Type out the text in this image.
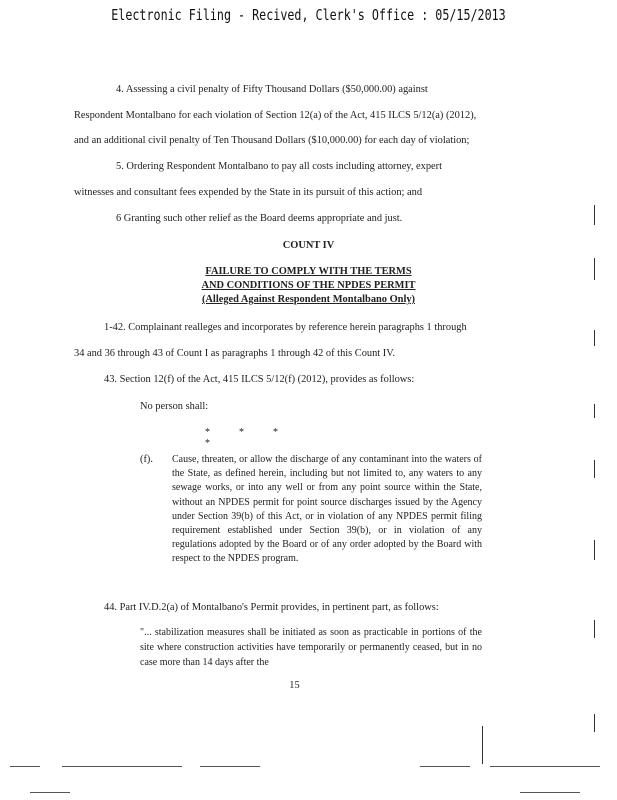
Electronic Filing - Recived, Clerk's Office : 05/15/2013
4. Assessing a civil penalty of Fifty Thousand Dollars ($50,000.00) against
Respondent Montalbano for each violation of Section 12(a) of the Act, 415 ILCS 5/12(a) (2012),
and an additional civil penalty of Ten Thousand Dollars ($10,000.00) for each day of violation;
5. Ordering Respondent Montalbano to pay all costs including attorney, expert
witnesses and consultant fees expended by the State in its pursuit of this action; and
6 Granting such other relief as the Board deems appropriate and just.
COUNT IV
FAILURE TO COMPLY WITH THE TERMS
AND CONDITIONS OF THE NPDES PERMIT
(Alleged Against Respondent Montalbano Only)
1-42. Complainant realleges and incorporates by reference herein paragraphs 1 through
34 and 36 through 43 of Count I as paragraphs 1 through 42 of this Count IV.
43. Section 12(f) of the Act, 415 ILCS 5/12(f) (2012), provides as follows:
No person shall:
*	*	**
(f). Cause, threaten, or allow the discharge of any contaminant into the waters of the State, as defined herein, including but not limited to, any waters to any sewage works, or into any well or from any point source within the State, without an NPDES permit for point source discharges issued by the Agency under Section 39(b) of this Act, or in violation of any NPDES permit filing requirement established under Section 39(b), or in violation of any regulations adopted by the Board or of any order adopted by the Board with respect to the NPDES program.
44. Part IV.D.2(a) of Montalbano's Permit provides, in pertinent part, as follows:
"... stabilization measures shall be initiated as soon as practicable in portions of the site where construction activities have temporarily or permanently ceased, but in no case more than 14 days after the
15
